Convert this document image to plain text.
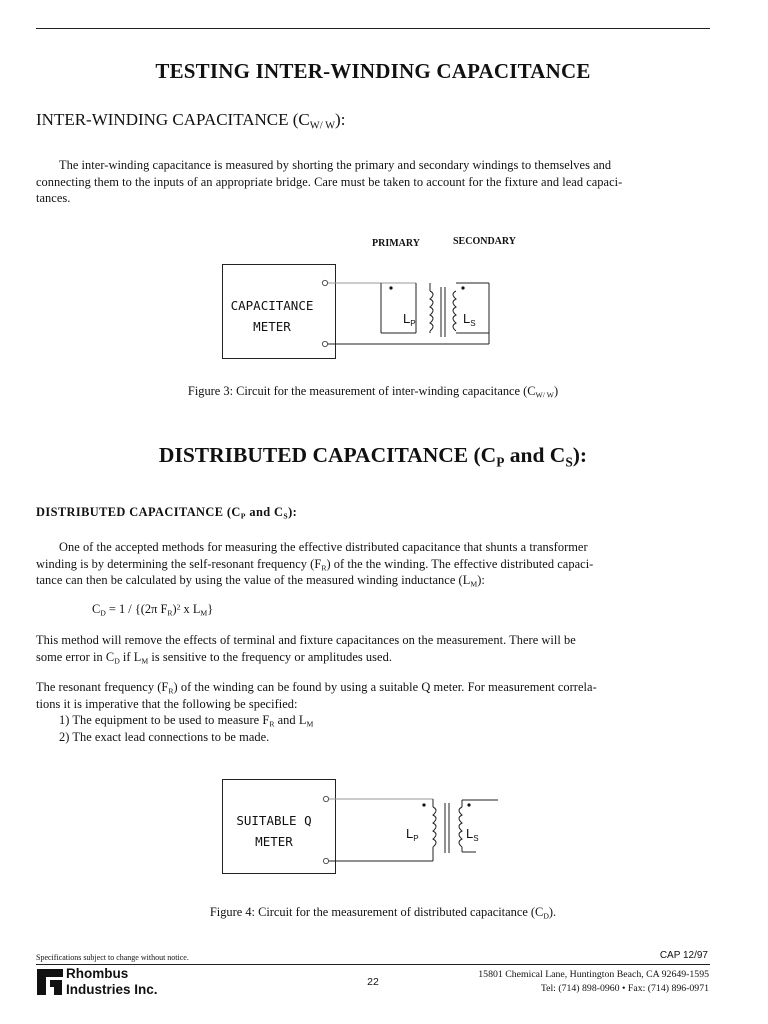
TESTING INTER-WINDING CAPACITANCE
INTER-WINDING CAPACITANCE $(C_{W/ W})$:
The inter-winding capacitance is measured by shorting the primary and secondary windings to themselves and
connecting them to the inputs of an appropriate bridge. Care must be taken to account for the fixture and lead capaci-
tances.
PRIMARY	SECONDARY
CAPACITANCE
METER
$L_P$	$L_S$
Figure 3: Circuit for the measurement of inter-winding capacitance $(C_{W/ W})$
DISTRIBUTED CAPACITANCE ($C_P$ and $C_S$):
DISTRIBUTED CAPACITANCE ($C_P$ and $C_S$):
One of the accepted methods for measuring the effective distributed capacitance that shunts a transformer
winding is by determining the self-resonant frequency $(F_R)$ of the the winding. The effective distributed capaci-
tance can then be calculated by using the value of the measured winding inductance $(L_M)$:
$C_D = 1 / \{(2\pi$ $F_R)^2$ x $L_M$}
This method will remove the effects of terminal and fixture capacitances on the measurement. There will be
some error in $C_D$ if $L_M$ is sensitive to the frequency or amplitudes used.
The resonant frequency $(F_R)$ of the winding can be found by using a suitable Q meter. For measurement correla-
tions it is imperative that the following be specified:
1) The equipment to be used to measure $F_R$ and $L_M$
2) The exact lead connections to be made.
SUITABLE Q
METER
$L_P$	$L_S$
Figure 4: Circuit for the measurement of distributed capacitance $(C_D)$.
Specifications subject to change without notice.	CAP 12/97
Rhombus
Industries Inc.	22
15801 Chemical Lane, Huntington Beach, CA 92649-1595
Tel: (714) 898-0960 • Fax: (714) 896-0971
